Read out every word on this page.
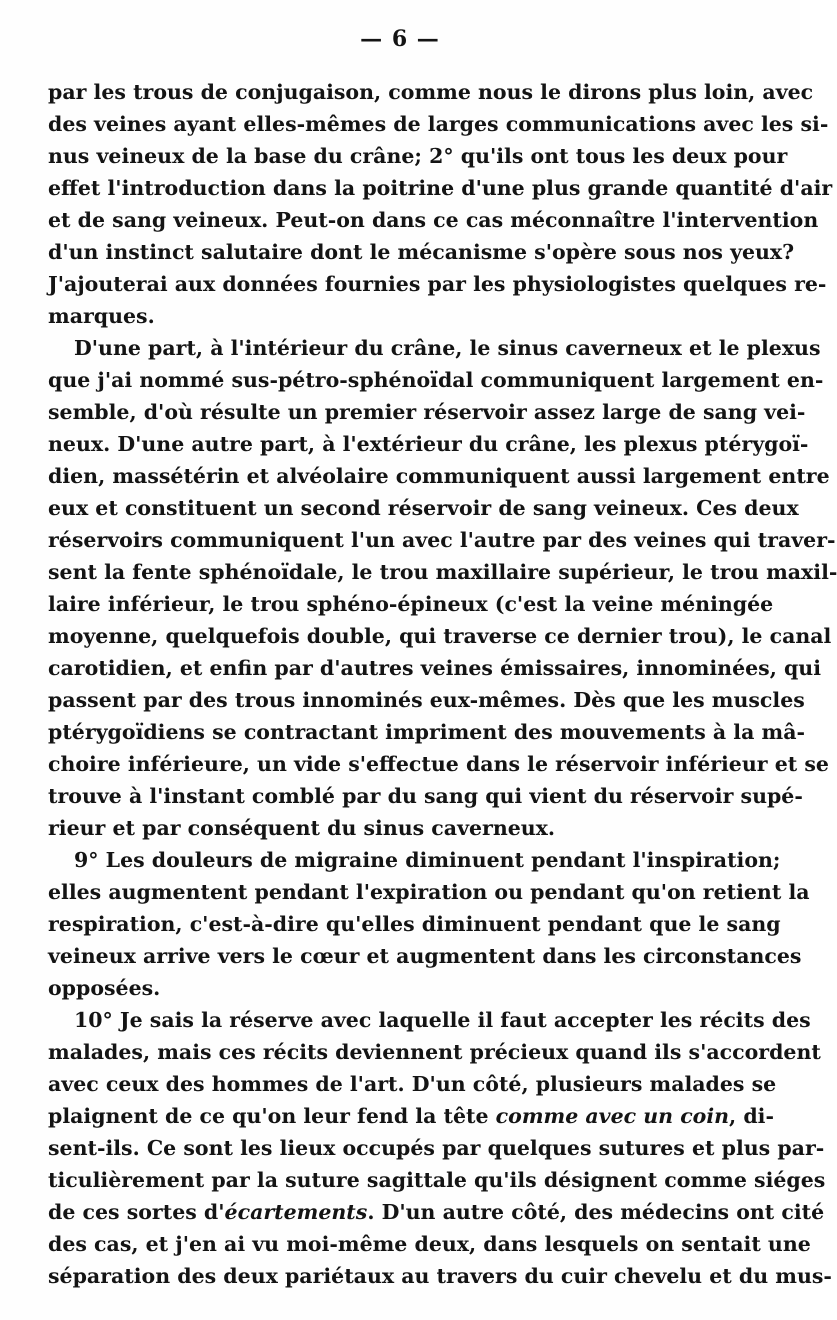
— 6 —
par les trous de conjugaison, comme nous le dirons plus loin, avec
des veines ayant elles-mêmes de larges communications avec les si-
nus veineux de la base du crâne; 2° qu'ils ont tous les deux pour
effet l'introduction dans la poitrine d'une plus grande quantité d'air
et de sang veineux. Peut-on dans ce cas méconnaître l'intervention
d'un instinct salutaire dont le mécanisme s'opère sous nos yeux?
J'ajouterai aux données fournies par les physiologistes quelques re-
marques.
D'une part, à l'intérieur du crâne, le sinus caverneux et le plexus
que j'ai nommé sus-pétro-sphénoïdal communiquent largement en-
semble, d'où résulte un premier réservoir assez large de sang vei-
neux. D'une autre part, à l'extérieur du crâne, les plexus ptérygoï-
dien, massétérin et alvéolaire communiquent aussi largement entre
eux et constituent un second réservoir de sang veineux. Ces deux
réservoirs communiquent l'un avec l'autre par des veines qui traver-
sent la fente sphénoïdale, le trou maxillaire supérieur, le trou maxil-
laire inférieur, le trou sphéno-épineux (c'est la veine méningée
moyenne, quelquefois double, qui traverse ce dernier trou), le canal
carotidien, et enfin par d'autres veines émissaires, innominées, qui
passent par des trous innominés eux-mêmes. Dès que les muscles
ptérygoïdiens se contractant impriment des mouvements à la mâ-
choire inférieure, un vide s'effectue dans le réservoir inférieur et se
trouve à l'instant comblé par du sang qui vient du réservoir supé-
rieur et par conséquent du sinus caverneux.
9° Les douleurs de migraine diminuent pendant l'inspiration;
elles augmentent pendant l'expiration ou pendant qu'on retient la
respiration, c'est-à-dire qu'elles diminuent pendant que le sang
veineux arrive vers le cœur et augmentent dans les circonstances
opposées.
10° Je sais la réserve avec laquelle il faut accepter les récits des
malades, mais ces récits deviennent précieux quand ils s'accordent
avec ceux des hommes de l'art. D'un côté, plusieurs malades se
plaignent de ce qu'on leur fend la tête comme avec un coin, di-
sent-ils. Ce sont les lieux occupés par quelques sutures et plus par-
ticulièrement par la suture sagittale qu'ils désignent comme siéges
de ces sortes d'écartements. D'un autre côté, des médecins ont cité
des cas, et j'en ai vu moi-même deux, dans lesquels on sentait une
séparation des deux pariétaux au travers du cuir chevelu et du mus-
